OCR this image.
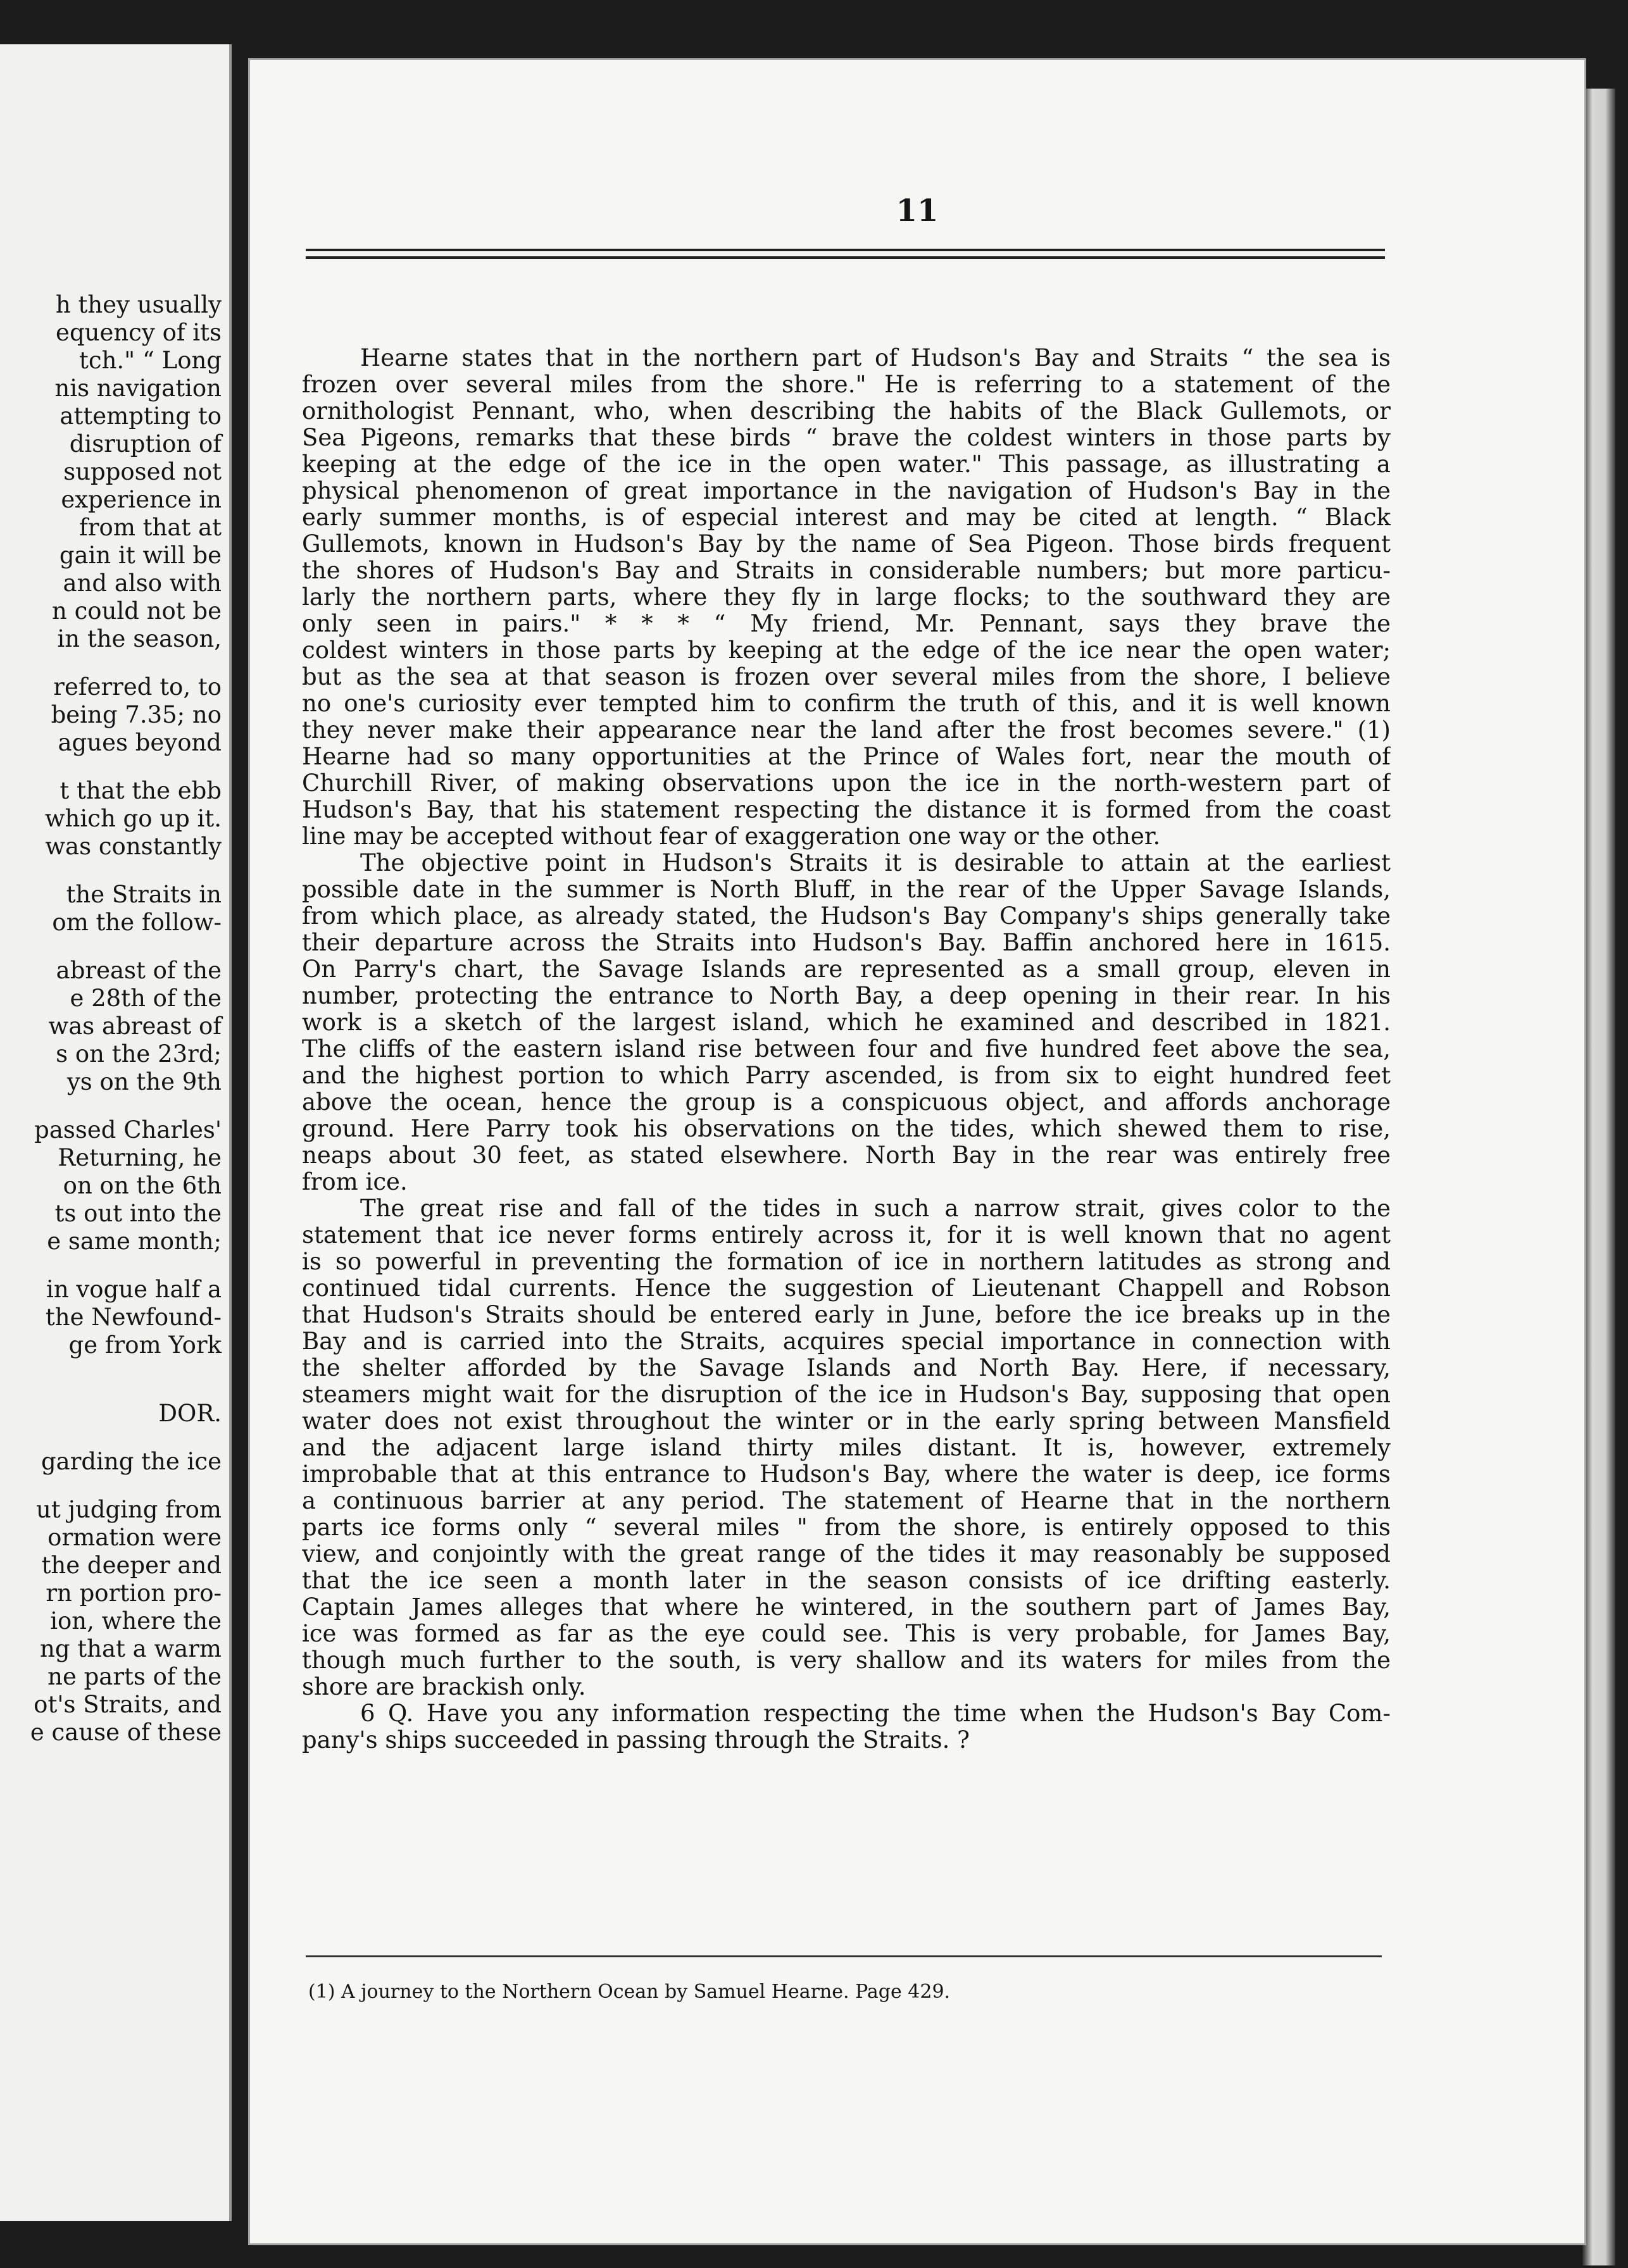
h they usually
equency of its
tch." “ Long
nis navigation
attempting to
disruption of
supposed not
experience in
from that at
gain it will be
and also with
n could not be
in the season,
referred to, to
being 7.35; no
agues beyond
t that the ebb
which go up it.
was constantly
the Straits in
om the follow-
abreast of the
e 28th of the
was abreast of
s on the 23rd;
ys on the 9th
passed Charles'
Returning, he
on on the 6th
ts out into the
e same month;
in vogue half a
the Newfound-
ge from York
DOR.
garding the ice
ut judging from
ormation were
the deeper and
rn portion pro-
ion, where the
ng that a warm
ne parts of the
ot's Straits, and
e cause of these
11
Hearne states that in the northern part of Hudson's Bay and Straits “ the sea is
frozen over several miles from the shore." He is referring to a statement of the
ornithologist Pennant, who, when describing the habits of the Black Gullemots, or
Sea Pigeons, remarks that these birds “ brave the coldest winters in those parts by
keeping at the edge of the ice in the open water." This passage, as illustrating a
physical phenomenon of great importance in the navigation of Hudson's Bay in the
early summer months, is of especial interest and may be cited at length. “ Black
Gullemots, known in Hudson's Bay by the name of Sea Pigeon. Those birds frequent
the shores of Hudson's Bay and Straits in considerable numbers; but more particu-
larly the northern parts, where they fly in large flocks; to the southward they are
only seen in pairs." * * * “ My friend, Mr. Pennant, says they brave the
coldest winters in those parts by keeping at the edge of the ice near the open water;
but as the sea at that season is frozen over several miles from the shore, I believe
no one's curiosity ever tempted him to confirm the truth of this, and it is well known
they never make their appearance near the land after the frost becomes severe." (1)
Hearne had so many opportunities at the Prince of Wales fort, near the mouth of
Churchill River, of making observations upon the ice in the north-western part of
Hudson's Bay, that his statement respecting the distance it is formed from the coast
line may be accepted without fear of exaggeration one way or the other.
The objective point in Hudson's Straits it is desirable to attain at the earliest
possible date in the summer is North Bluff, in the rear of the Upper Savage Islands,
from which place, as already stated, the Hudson's Bay Company's ships generally take
their departure across the Straits into Hudson's Bay. Baffin anchored here in 1615.
On Parry's chart, the Savage Islands are represented as a small group, eleven in
number, protecting the entrance to North Bay, a deep opening in their rear. In his
work is a sketch of the largest island, which he examined and described in 1821.
The cliffs of the eastern island rise between four and five hundred feet above the sea,
and the highest portion to which Parry ascended, is from six to eight hundred feet
above the ocean, hence the group is a conspicuous object, and affords anchorage
ground. Here Parry took his observations on the tides, which shewed them to rise,
neaps about 30 feet, as stated elsewhere. North Bay in the rear was entirely free
from ice.
The great rise and fall of the tides in such a narrow strait, gives color to the
statement that ice never forms entirely across it, for it is well known that no agent
is so powerful in preventing the formation of ice in northern latitudes as strong and
continued tidal currents. Hence the suggestion of Lieutenant Chappell and Robson
that Hudson's Straits should be entered early in June, before the ice breaks up in the
Bay and is carried into the Straits, acquires special importance in connection with
the shelter afforded by the Savage Islands and North Bay. Here, if necessary,
steamers might wait for the disruption of the ice in Hudson's Bay, supposing that open
water does not exist throughout the winter or in the early spring between Mansfield
and the adjacent large island thirty miles distant. It is, however, extremely
improbable that at this entrance to Hudson's Bay, where the water is deep, ice forms
a continuous barrier at any period. The statement of Hearne that in the northern
parts ice forms only “ several miles " from the shore, is entirely opposed to this
view, and conjointly with the great range of the tides it may reasonably be supposed
that the ice seen a month later in the season consists of ice drifting easterly.
Captain James alleges that where he wintered, in the southern part of James Bay,
ice was formed as far as the eye could see. This is very probable, for James Bay,
though much further to the south, is very shallow and its waters for miles from the
shore are brackish only.
6 Q. Have you any information respecting the time when the Hudson's Bay Com-
pany's ships succeeded in passing through the Straits. ?
(1) A journey to the Northern Ocean by Samuel Hearne. Page 429.
